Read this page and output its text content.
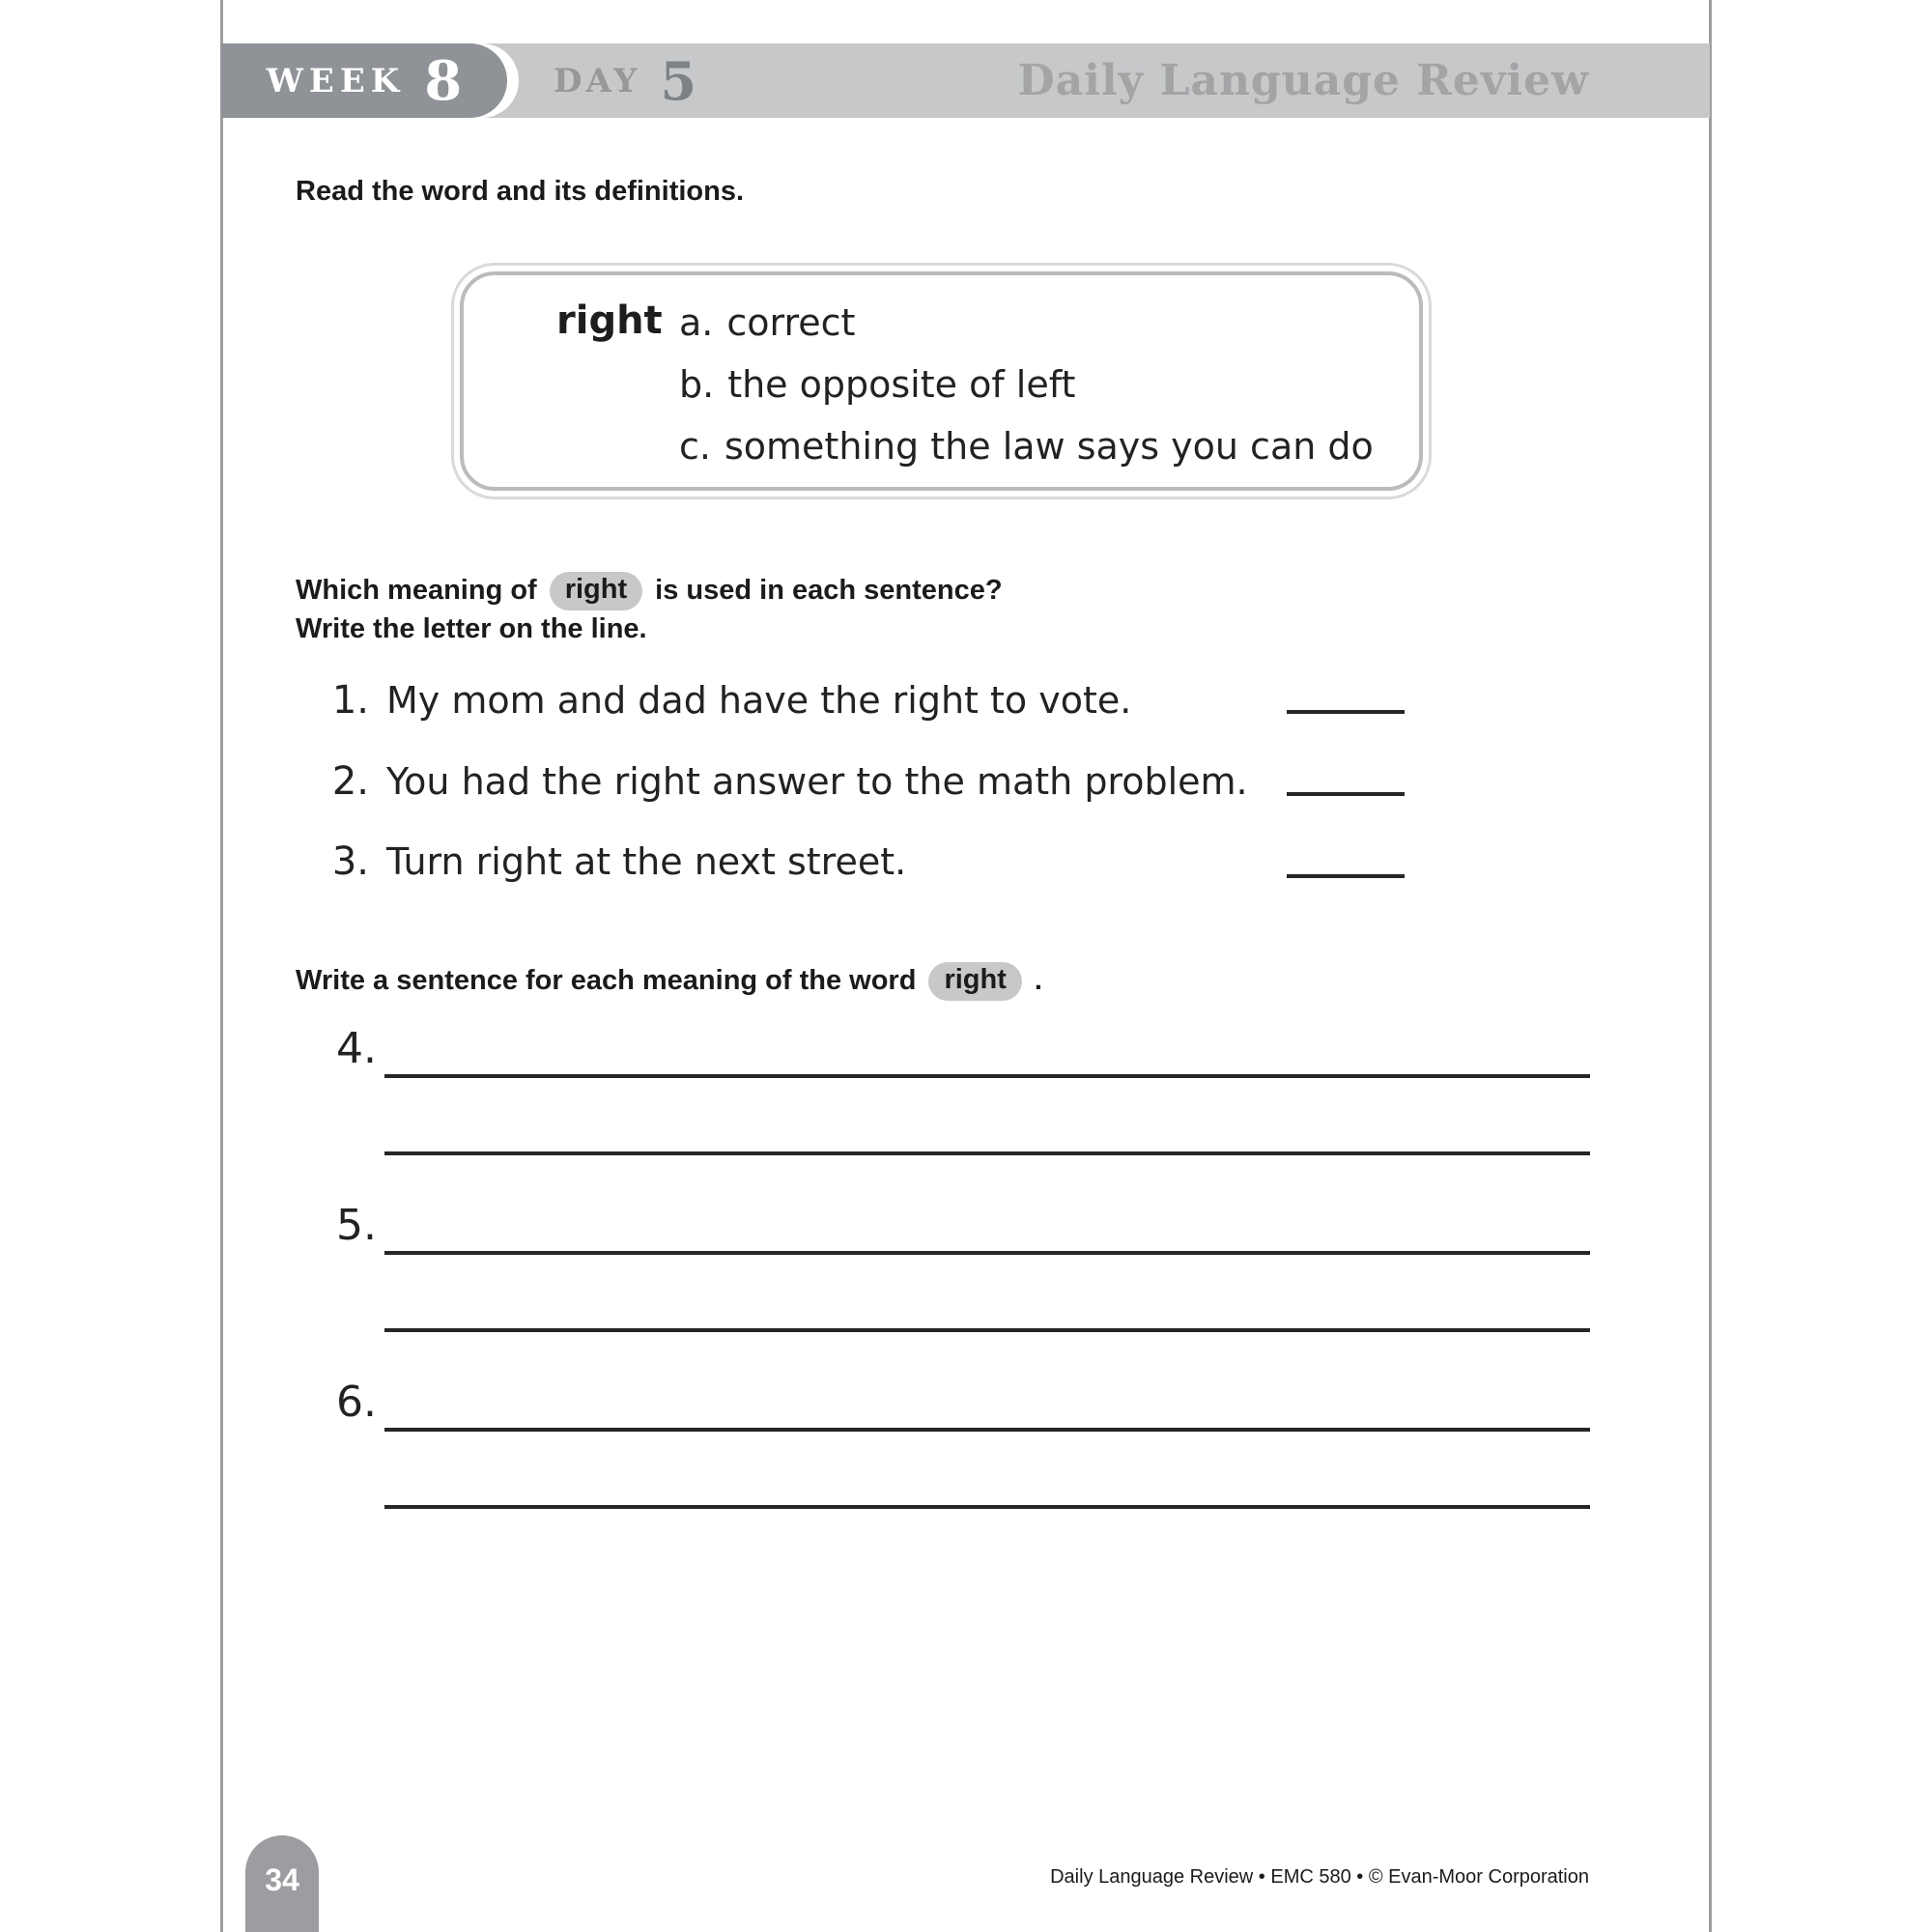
WEEK 8	DAY 5	Daily Language Review
Read the word and its definitions.
right a. correct
b. the opposite of left
c. something the law says you can do
Which meaning of	right	is used in each sentence?
Write the letter on the line.
1. My mom and dad have the right to vote.
2. You had the right answer to the math problem.
3. Turn right at the next street.
Write a sentence for each meaning of the word	right	.
4.
5.
6.
34	Daily Language Review • EMC 580 • © Evan-Moor Corporation
